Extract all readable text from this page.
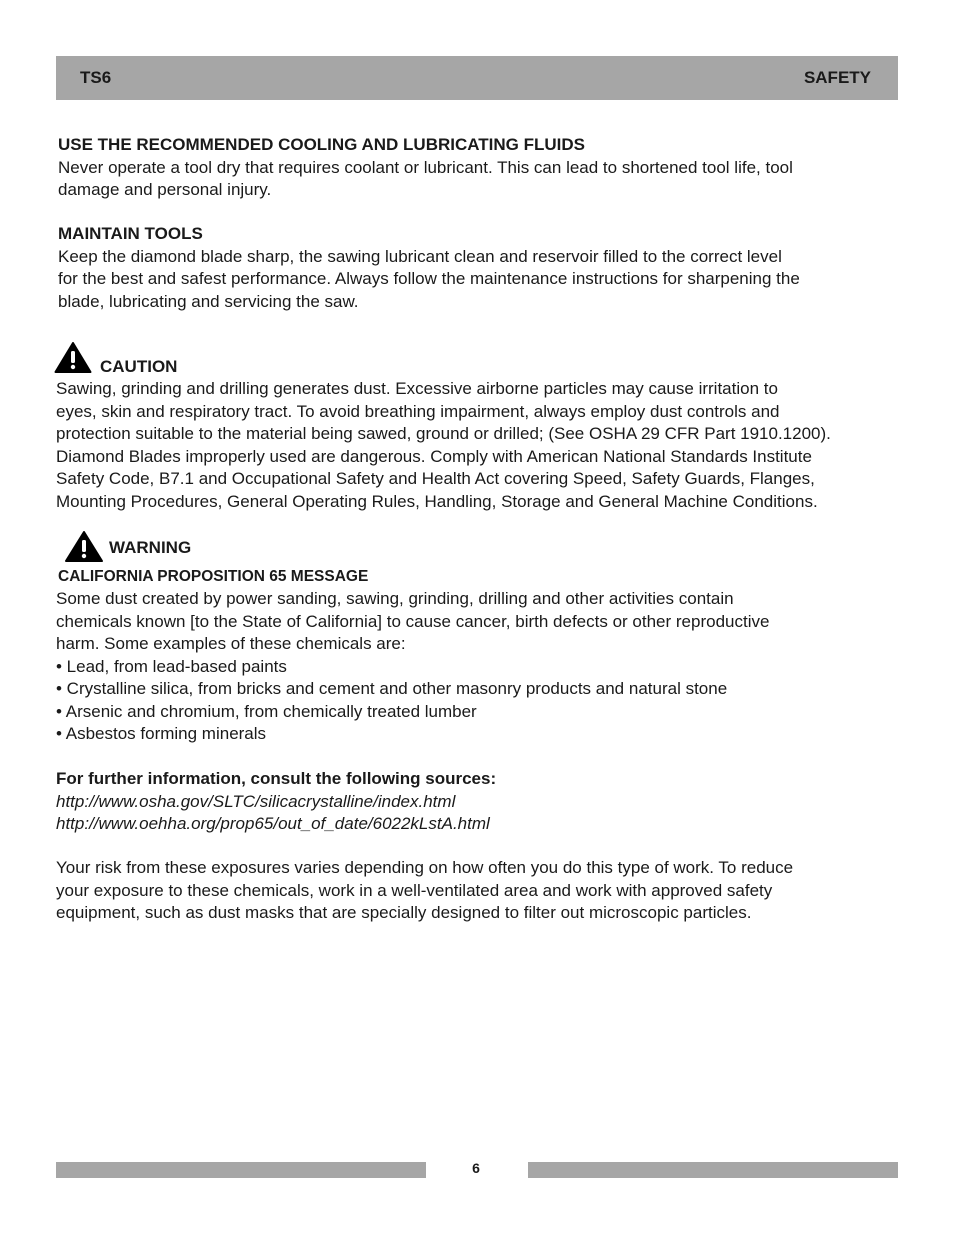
TS6	SAFETY
USE THE RECOMMENDED COOLING AND LUBRICATING FLUIDS
Never operate a tool dry that requires coolant or lubricant. This can lead to shortened tool life, tool
damage and personal injury.
MAINTAIN TOOLS
Keep the diamond blade sharp, the sawing lubricant clean and reservoir filled to the correct level
for the best and safest performance. Always follow the maintenance instructions for sharpening the
blade, lubricating and servicing the saw.
CAUTION
Sawing, grinding and drilling generates dust. Excessive airborne particles may cause irritation to
eyes, skin and respiratory tract. To avoid breathing impairment, always employ dust controls and
protection suitable to the material being sawed, ground or drilled; (See OSHA 29 CFR Part 1910.1200).
Diamond Blades improperly used are dangerous. Comply with American National Standards Institute
Safety Code, B7.1 and Occupational Safety and Health Act covering Speed, Safety Guards, Flanges,
Mounting Procedures, General Operating Rules, Handling, Storage and General Machine Conditions.
WARNING
CALIFORNIA PROPOSITION 65 MESSAGE
Some dust created by power sanding, sawing, grinding, drilling and other activities contain
chemicals known [to the State of California] to cause cancer, birth defects or other reproductive
harm. Some examples of these chemicals are:
• Lead, from lead-based paints
• Crystalline silica, from bricks and cement and other masonry products and natural stone
• Arsenic and chromium, from chemically treated lumber
• Asbestos forming minerals
For further information, consult the following sources:
http://www.osha.gov/SLTC/silicacrystalline/index.html
http://www.oehha.org/prop65/out_of_date/6022kLstA.html
Your risk from these exposures varies depending on how often you do this type of work. To reduce
your exposure to these chemicals, work in a well-ventilated area and work with approved safety
equipment, such as dust masks that are specially designed to filter out microscopic particles.
6
